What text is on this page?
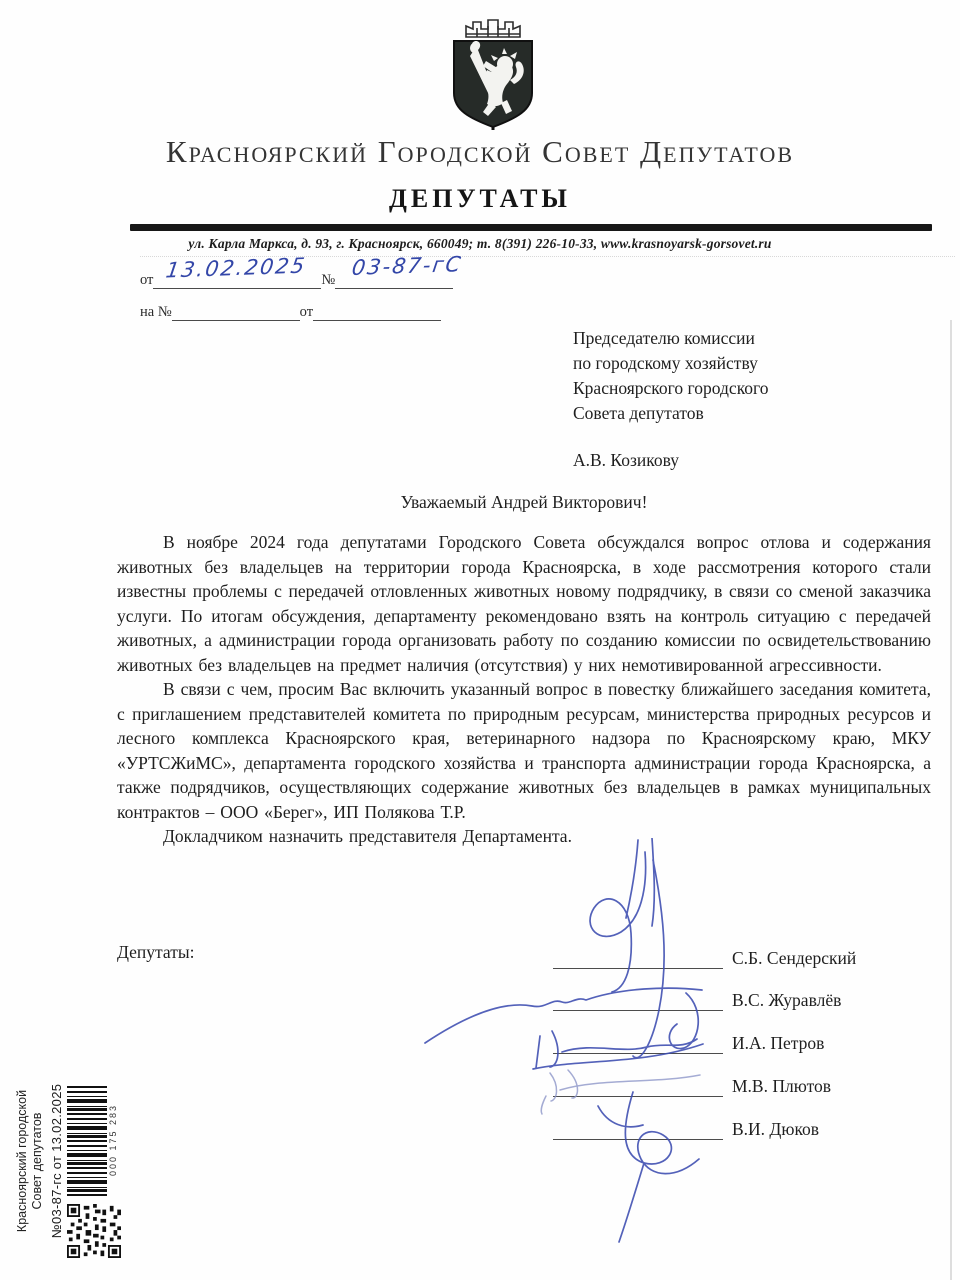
Красноярский Городской Совет Депутатов
ДЕПУТАТЫ
ул. Карла Маркса, д. 93, г. Красноярск, 660049; т. 8(391) 226-10-33, www.krasnoyarsk-gorsovet.ru
от	№
на №	от
13.02.2025 03-87-гС
Председателю комиссии
по городскому хозяйству
Красноярского городского
Совета депутатов
А.В. Козикову
Уважаемый Андрей Викторович!

В ноябре 2024 года депутатами Городского Совета обсуждался вопрос отлова и содержания животных без владельцев на территории города Красноярска, в ходе рассмотрения которого стали известны проблемы с передачей отловленных животных новому подрядчику, в связи со сменой заказчика услуги. По итогам обсуждения, департаменту рекомендовано взять на контроль ситуацию с передачей животных, а администрации города организовать работу по созданию комиссии по освидетельствованию животных без владельцев на предмет наличия (отсутствия) у них немотивированной агрессивности.

В связи с чем, просим Вас включить указанный вопрос в повестку ближайшего заседания комитета, с приглашением представителей комитета по природным ресурсам, министерства природных ресурсов и лесного комплекса Красноярского края, ветеринарного надзора по Красноярскому краю, МКУ «УРТСЖиМС», департамента городского хозяйства и транспорта администрации города Красноярска, а также подрядчиков, осуществляющих содержание животных без владельцев в рамках муниципальных контрактов – ООО «Берег», ИП Полякова Т.Р.

Докладчиком назначить представителя Департамента.

Депутаты:	С.Б. Сендерский
В.С. Журавлёв
И.А. Петров
М.В. Плютов
В.И. Дюков
Красноярский городской Совет депутатов №03-87-гс от 13.02.2025	000 175 283
